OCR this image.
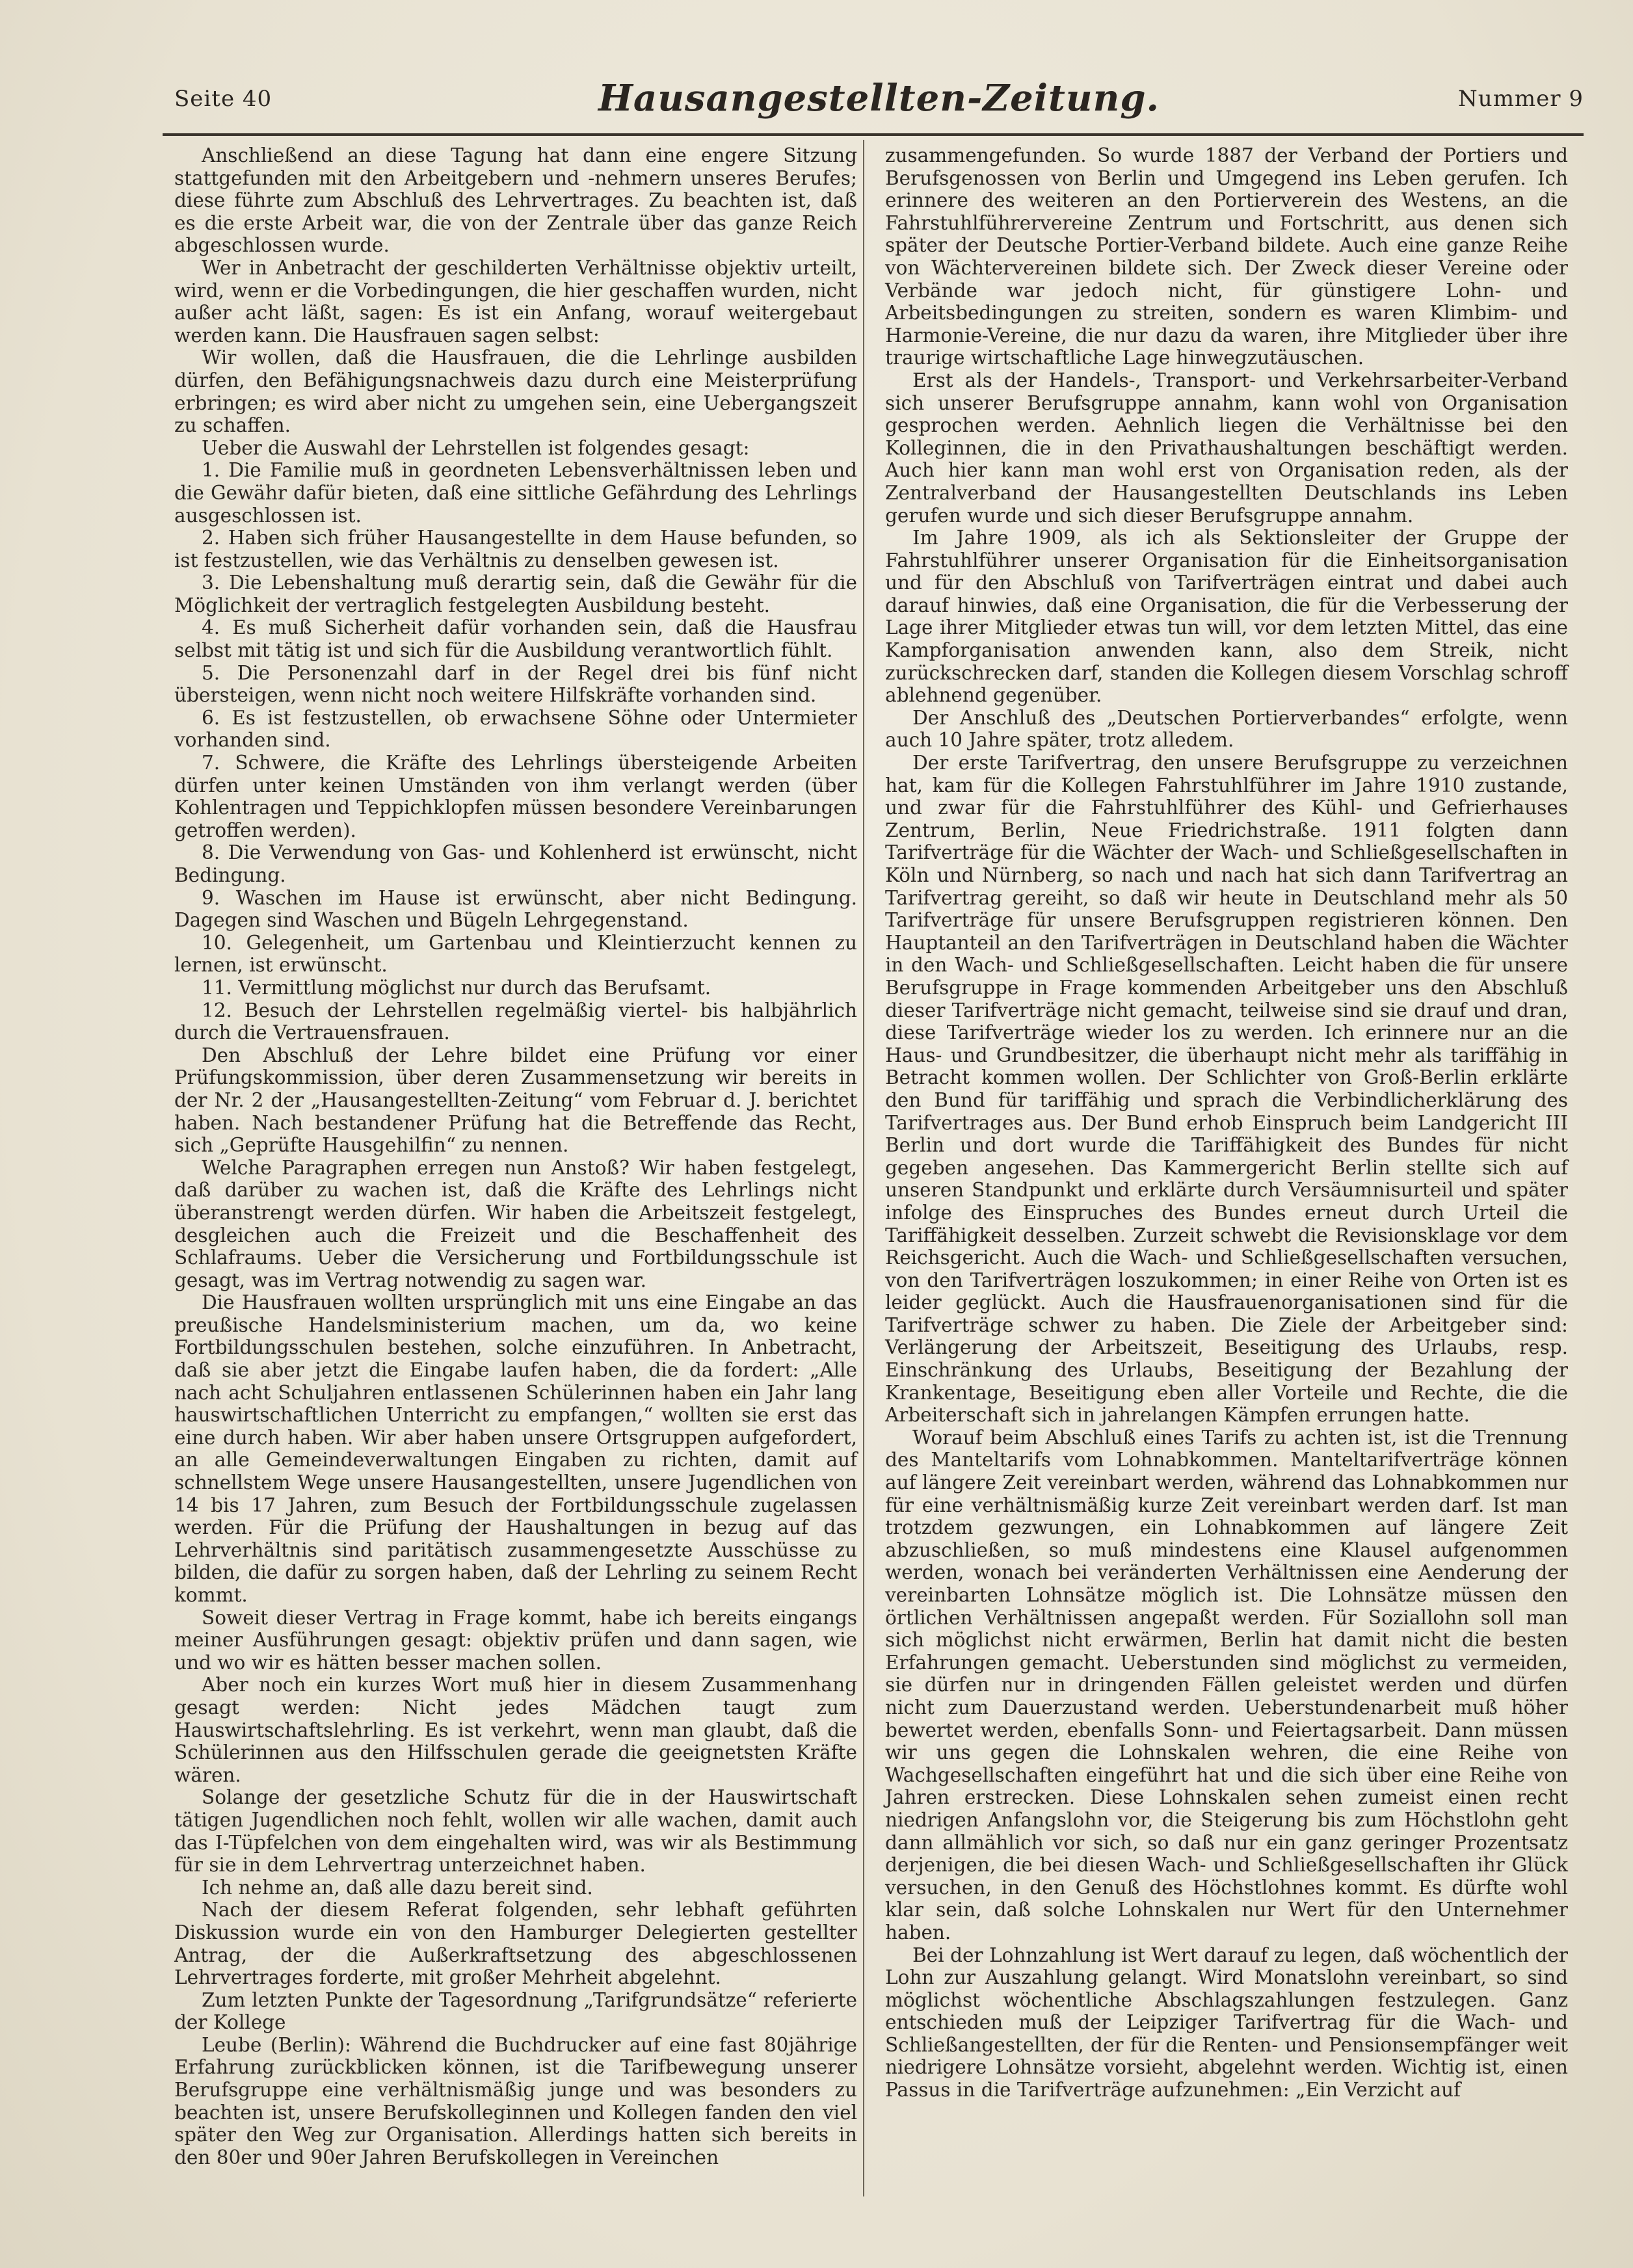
Seite 40	Hausangestellten-Zeitung.	Nummer 9

Anschließend an diese Tagung hat dann eine engere Sitzung stattgefunden mit den Arbeitgebern und -nehmern unseres Berufes; diese führte zum Abschluß des Lehrvertrages. Zu beachten ist, daß es die erste Arbeit war, die von der Zentrale über das ganze Reich abgeschlossen wurde.

Wer in Anbetracht der geschilderten Verhältnisse objektiv urteilt, wird, wenn er die Vorbedingungen, die hier geschaffen wurden, nicht außer acht läßt, sagen: Es ist ein Anfang, worauf weitergebaut werden kann. Die Hausfrauen sagen selbst:

Wir wollen, daß die Hausfrauen, die die Lehrlinge ausbilden dürfen, den Befähigungsnachweis dazu durch eine Meisterprüfung erbringen; es wird aber nicht zu umgehen sein, eine Uebergangszeit zu schaffen.

Ueber die Auswahl der Lehrstellen ist folgendes gesagt:

1. Die Familie muß in geordneten Lebensverhältnissen leben und die Gewähr dafür bieten, daß eine sittliche Gefährdung des Lehrlings ausgeschlossen ist.

2. Haben sich früher Hausangestellte in dem Hause befunden, so ist festzustellen, wie das Verhältnis zu denselben gewesen ist.

3. Die Lebenshaltung muß derartig sein, daß die Gewähr für die Möglichkeit der vertraglich festgelegten Ausbildung besteht.

4. Es muß Sicherheit dafür vorhanden sein, daß die Hausfrau selbst mit tätig ist und sich für die Ausbildung verantwortlich fühlt.

5. Die Personenzahl darf in der Regel drei bis fünf nicht übersteigen, wenn nicht noch weitere Hilfskräfte vorhanden sind.

6. Es ist festzustellen, ob erwachsene Söhne oder Untermieter vorhanden sind.

7. Schwere, die Kräfte des Lehrlings übersteigende Arbeiten dürfen unter keinen Umständen von ihm verlangt werden (über Kohlentragen und Teppichklopfen müssen besondere Vereinbarungen getroffen werden).

8. Die Verwendung von Gas- und Kohlenherd ist erwünscht, nicht Bedingung.

9. Waschen im Hause ist erwünscht, aber nicht Bedingung. Dagegen sind Waschen und Bügeln Lehrgegenstand.

10. Gelegenheit, um Gartenbau und Kleintierzucht kennen zu lernen, ist erwünscht.

11. Vermittlung möglichst nur durch das Berufsamt.

12. Besuch der Lehrstellen regelmäßig viertel- bis halbjährlich durch die Vertrauensfrauen.

Den Abschluß der Lehre bildet eine Prüfung vor einer Prüfungskommission, über deren Zusammensetzung wir bereits in der Nr. 2 der „Hausangestellten-Zeitung“ vom Februar d. J. berichtet haben. Nach bestandener Prüfung hat die Betreffende das Recht, sich „Geprüfte Hausgehilfin“ zu nennen.

Welche Paragraphen erregen nun Anstoß? Wir haben festgelegt, daß darüber zu wachen ist, daß die Kräfte des Lehrlings nicht überanstrengt werden dürfen. Wir haben die Arbeitszeit festgelegt, desgleichen auch die Freizeit und die Beschaffenheit des Schlafraums. Ueber die Versicherung und Fortbildungsschule ist gesagt, was im Vertrag notwendig zu sagen war.

Die Hausfrauen wollten ursprünglich mit uns eine Eingabe an das preußische Handelsministerium machen, um da, wo keine Fortbildungsschulen bestehen, solche einzuführen. In Anbetracht, daß sie aber jetzt die Eingabe laufen haben, die da fordert: „Alle nach acht Schuljahren entlassenen Schülerinnen haben ein Jahr lang hauswirtschaftlichen Unterricht zu empfangen,“ wollten sie erst das eine durch haben. Wir aber haben unsere Ortsgruppen aufgefordert, an alle Gemeindeverwaltungen Eingaben zu richten, damit auf schnellstem Wege unsere Hausangestellten, unsere Jugendlichen von 14 bis 17 Jahren, zum Besuch der Fortbildungsschule zugelassen werden. Für die Prüfung der Haushaltungen in bezug auf das Lehrverhältnis sind paritätisch zusammengesetzte Ausschüsse zu bilden, die dafür zu sorgen haben, daß der Lehrling zu seinem Recht kommt.

Soweit dieser Vertrag in Frage kommt, habe ich bereits eingangs meiner Ausführungen gesagt: objektiv prüfen und dann sagen, wie und wo wir es hätten besser machen sollen.

Aber noch ein kurzes Wort muß hier in diesem Zusammenhang gesagt werden: Nicht jedes Mädchen taugt zum Hauswirtschaftslehrling. Es ist verkehrt, wenn man glaubt, daß die Schülerinnen aus den Hilfsschulen gerade die geeignetsten Kräfte wären.

Solange der gesetzliche Schutz für die in der Hauswirtschaft tätigen Jugendlichen noch fehlt, wollen wir alle wachen, damit auch das I-Tüpfelchen von dem eingehalten wird, was wir als Bestimmung für sie in dem Lehrvertrag unterzeichnet haben.

Ich nehme an, daß alle dazu bereit sind.

Nach der diesem Referat folgenden, sehr lebhaft geführten Diskussion wurde ein von den Hamburger Delegierten gestellter Antrag, der die Außerkraftsetzung des abgeschlossenen Lehrvertrages forderte, mit großer Mehrheit abgelehnt.

Zum letzten Punkte der Tagesordnung „Tarifgrundsätze“ referierte der Kollege

Leube (Berlin): Während die Buchdrucker auf eine fast 80jährige Erfahrung zurückblicken können, ist die Tarifbewegung unserer Berufsgruppe eine verhältnismäßig junge und was besonders zu beachten ist, unsere Berufskolleginnen und Kollegen fanden den viel später den Weg zur Organisation. Allerdings hatten sich bereits in den 80er und 90er Jahren Berufskollegen in Vereinchen

zusammengefunden. So wurde 1887 der Verband der Portiers und Berufsgenossen von Berlin und Umgegend ins Leben gerufen. Ich erinnere des weiteren an den Portierverein des Westens, an die Fahrstuhlführervereine Zentrum und Fortschritt, aus denen sich später der Deutsche Portier-Verband bildete. Auch eine ganze Reihe von Wächtervereinen bildete sich. Der Zweck dieser Vereine oder Verbände war jedoch nicht, für günstigere Lohn- und Arbeitsbedingungen zu streiten, sondern es waren Klimbim- und Harmonie-Vereine, die nur dazu da waren, ihre Mitglieder über ihre traurige wirtschaftliche Lage hinwegzutäuschen.

Erst als der Handels-, Transport- und Verkehrsarbeiter-Verband sich unserer Berufsgruppe annahm, kann wohl von Organisation gesprochen werden. Aehnlich liegen die Verhältnisse bei den Kolleginnen, die in den Privathaushaltungen beschäftigt werden. Auch hier kann man wohl erst von Organisation reden, als der Zentralverband der Hausangestellten Deutschlands ins Leben gerufen wurde und sich dieser Berufsgruppe annahm.

Im Jahre 1909, als ich als Sektionsleiter der Gruppe der Fahrstuhlführer unserer Organisation für die Einheitsorganisation und für den Abschluß von Tarifverträgen eintrat und dabei auch darauf hinwies, daß eine Organisation, die für die Verbesserung der Lage ihrer Mitglieder etwas tun will, vor dem letzten Mittel, das eine Kampforganisation anwenden kann, also dem Streik, nicht zurückschrecken darf, standen die Kollegen diesem Vorschlag schroff ablehnend gegenüber.

Der Anschluß des „Deutschen Portierverbandes“ erfolgte, wenn auch 10 Jahre später, trotz alledem.

Der erste Tarifvertrag, den unsere Berufsgruppe zu verzeichnen hat, kam für die Kollegen Fahrstuhlführer im Jahre 1910 zustande, und zwar für die Fahrstuhlführer des Kühl- und Gefrierhauses Zentrum, Berlin, Neue Friedrichstraße. 1911 folgten dann Tarifverträge für die Wächter der Wach- und Schließgesellschaften in Köln und Nürnberg, so nach und nach hat sich dann Tarifvertrag an Tarifvertrag gereiht, so daß wir heute in Deutschland mehr als 50 Tarifverträge für unsere Berufsgruppen registrieren können. Den Hauptanteil an den Tarifverträgen in Deutschland haben die Wächter in den Wach- und Schließgesellschaften. Leicht haben die für unsere Berufsgruppe in Frage kommenden Arbeitgeber uns den Abschluß dieser Tarifverträge nicht gemacht, teilweise sind sie drauf und dran, diese Tarifverträge wieder los zu werden. Ich erinnere nur an die Haus- und Grundbesitzer, die überhaupt nicht mehr als tariffähig in Betracht kommen wollen. Der Schlichter von Groß-Berlin erklärte den Bund für tariffähig und sprach die Verbindlicherklärung des Tarifvertrages aus. Der Bund erhob Einspruch beim Landgericht III Berlin und dort wurde die Tariffähigkeit des Bundes für nicht gegeben angesehen. Das Kammergericht Berlin stellte sich auf unseren Standpunkt und erklärte durch Versäumnisurteil und später infolge des Einspruches des Bundes erneut durch Urteil die Tariffähigkeit desselben. Zurzeit schwebt die Revisionsklage vor dem Reichsgericht. Auch die Wach- und Schließgesellschaften versuchen, von den Tarifverträgen loszukommen; in einer Reihe von Orten ist es leider geglückt. Auch die Hausfrauenorganisationen sind für die Tarifverträge schwer zu haben. Die Ziele der Arbeitgeber sind: Verlängerung der Arbeitszeit, Beseitigung des Urlaubs, resp. Einschränkung des Urlaubs, Beseitigung der Bezahlung der Krankentage, Beseitigung eben aller Vorteile und Rechte, die die Arbeiterschaft sich in jahrelangen Kämpfen errungen hatte.

Worauf beim Abschluß eines Tarifs zu achten ist, ist die Trennung des Manteltarifs vom Lohnabkommen. Manteltarifverträge können auf längere Zeit vereinbart werden, während das Lohnabkommen nur für eine verhältnismäßig kurze Zeit vereinbart werden darf. Ist man trotzdem gezwungen, ein Lohnabkommen auf längere Zeit abzuschließen, so muß mindestens eine Klausel aufgenommen werden, wonach bei veränderten Verhältnissen eine Aenderung der vereinbarten Lohnsätze möglich ist. Die Lohnsätze müssen den örtlichen Verhältnissen angepaßt werden. Für Soziallohn soll man sich möglichst nicht erwärmen, Berlin hat damit nicht die besten Erfahrungen gemacht. Ueberstunden sind möglichst zu vermeiden, sie dürfen nur in dringenden Fällen geleistet werden und dürfen nicht zum Dauerzustand werden. Ueberstundenarbeit muß höher bewertet werden, ebenfalls Sonn- und Feiertagsarbeit. Dann müssen wir uns gegen die Lohnskalen wehren, die eine Reihe von Wachgesellschaften eingeführt hat und die sich über eine Reihe von Jahren erstrecken. Diese Lohnskalen sehen zumeist einen recht niedrigen Anfangslohn vor, die Steigerung bis zum Höchstlohn geht dann allmählich vor sich, so daß nur ein ganz geringer Prozentsatz derjenigen, die bei diesen Wach- und Schließgesellschaften ihr Glück versuchen, in den Genuß des Höchstlohnes kommt. Es dürfte wohl klar sein, daß solche Lohnskalen nur Wert für den Unternehmer haben.

Bei der Lohnzahlung ist Wert darauf zu legen, daß wöchentlich der Lohn zur Auszahlung gelangt. Wird Monatslohn vereinbart, so sind möglichst wöchentliche Abschlagszahlungen festzulegen. Ganz entschieden muß der Leipziger Tarifvertrag für die Wach- und Schließangestellten, der für die Renten- und Pensionsempfänger weit niedrigere Lohnsätze vorsieht, abgelehnt werden. Wichtig ist, einen Passus in die Tarifverträge aufzunehmen: „Ein Verzicht auf
